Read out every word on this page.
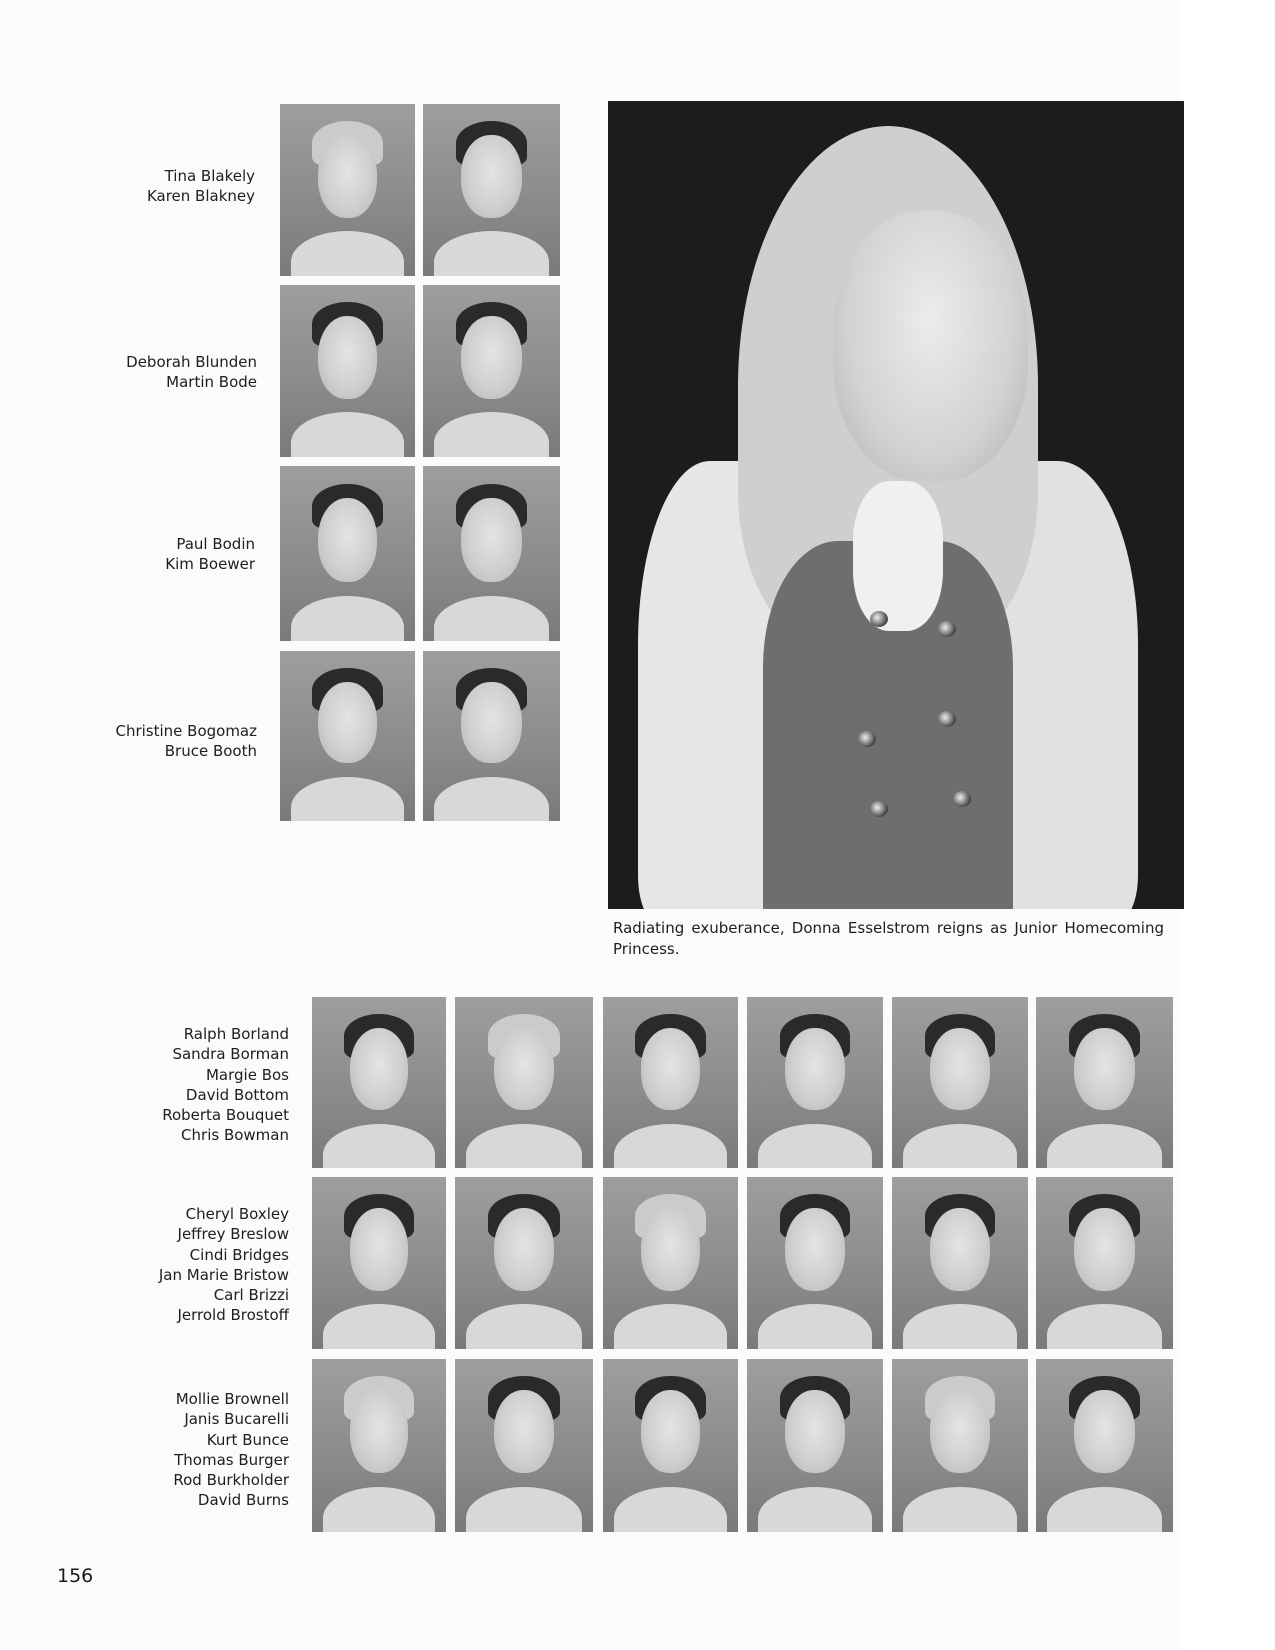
Tina Blakely
Karen Blakney
Deborah Blunden
Martin Bode
Paul Bodin
Kim Boewer
Christine Bogomaz
Bruce Booth
Radiating exuberance, Donna Esselstrom reigns as Junior Homecoming Princess.
Ralph Borland
Sandra Borman
Margie Bos
David Bottom
Roberta Bouquet
Chris Bowman
Cheryl Boxley
Jeffrey Breslow
Cindi Bridges
Jan Marie Bristow
Carl Brizzi
Jerrold Brostoff
Mollie Brownell
Janis Bucarelli
Kurt Bunce
Thomas Burger
Rod Burkholder
David Burns
156
